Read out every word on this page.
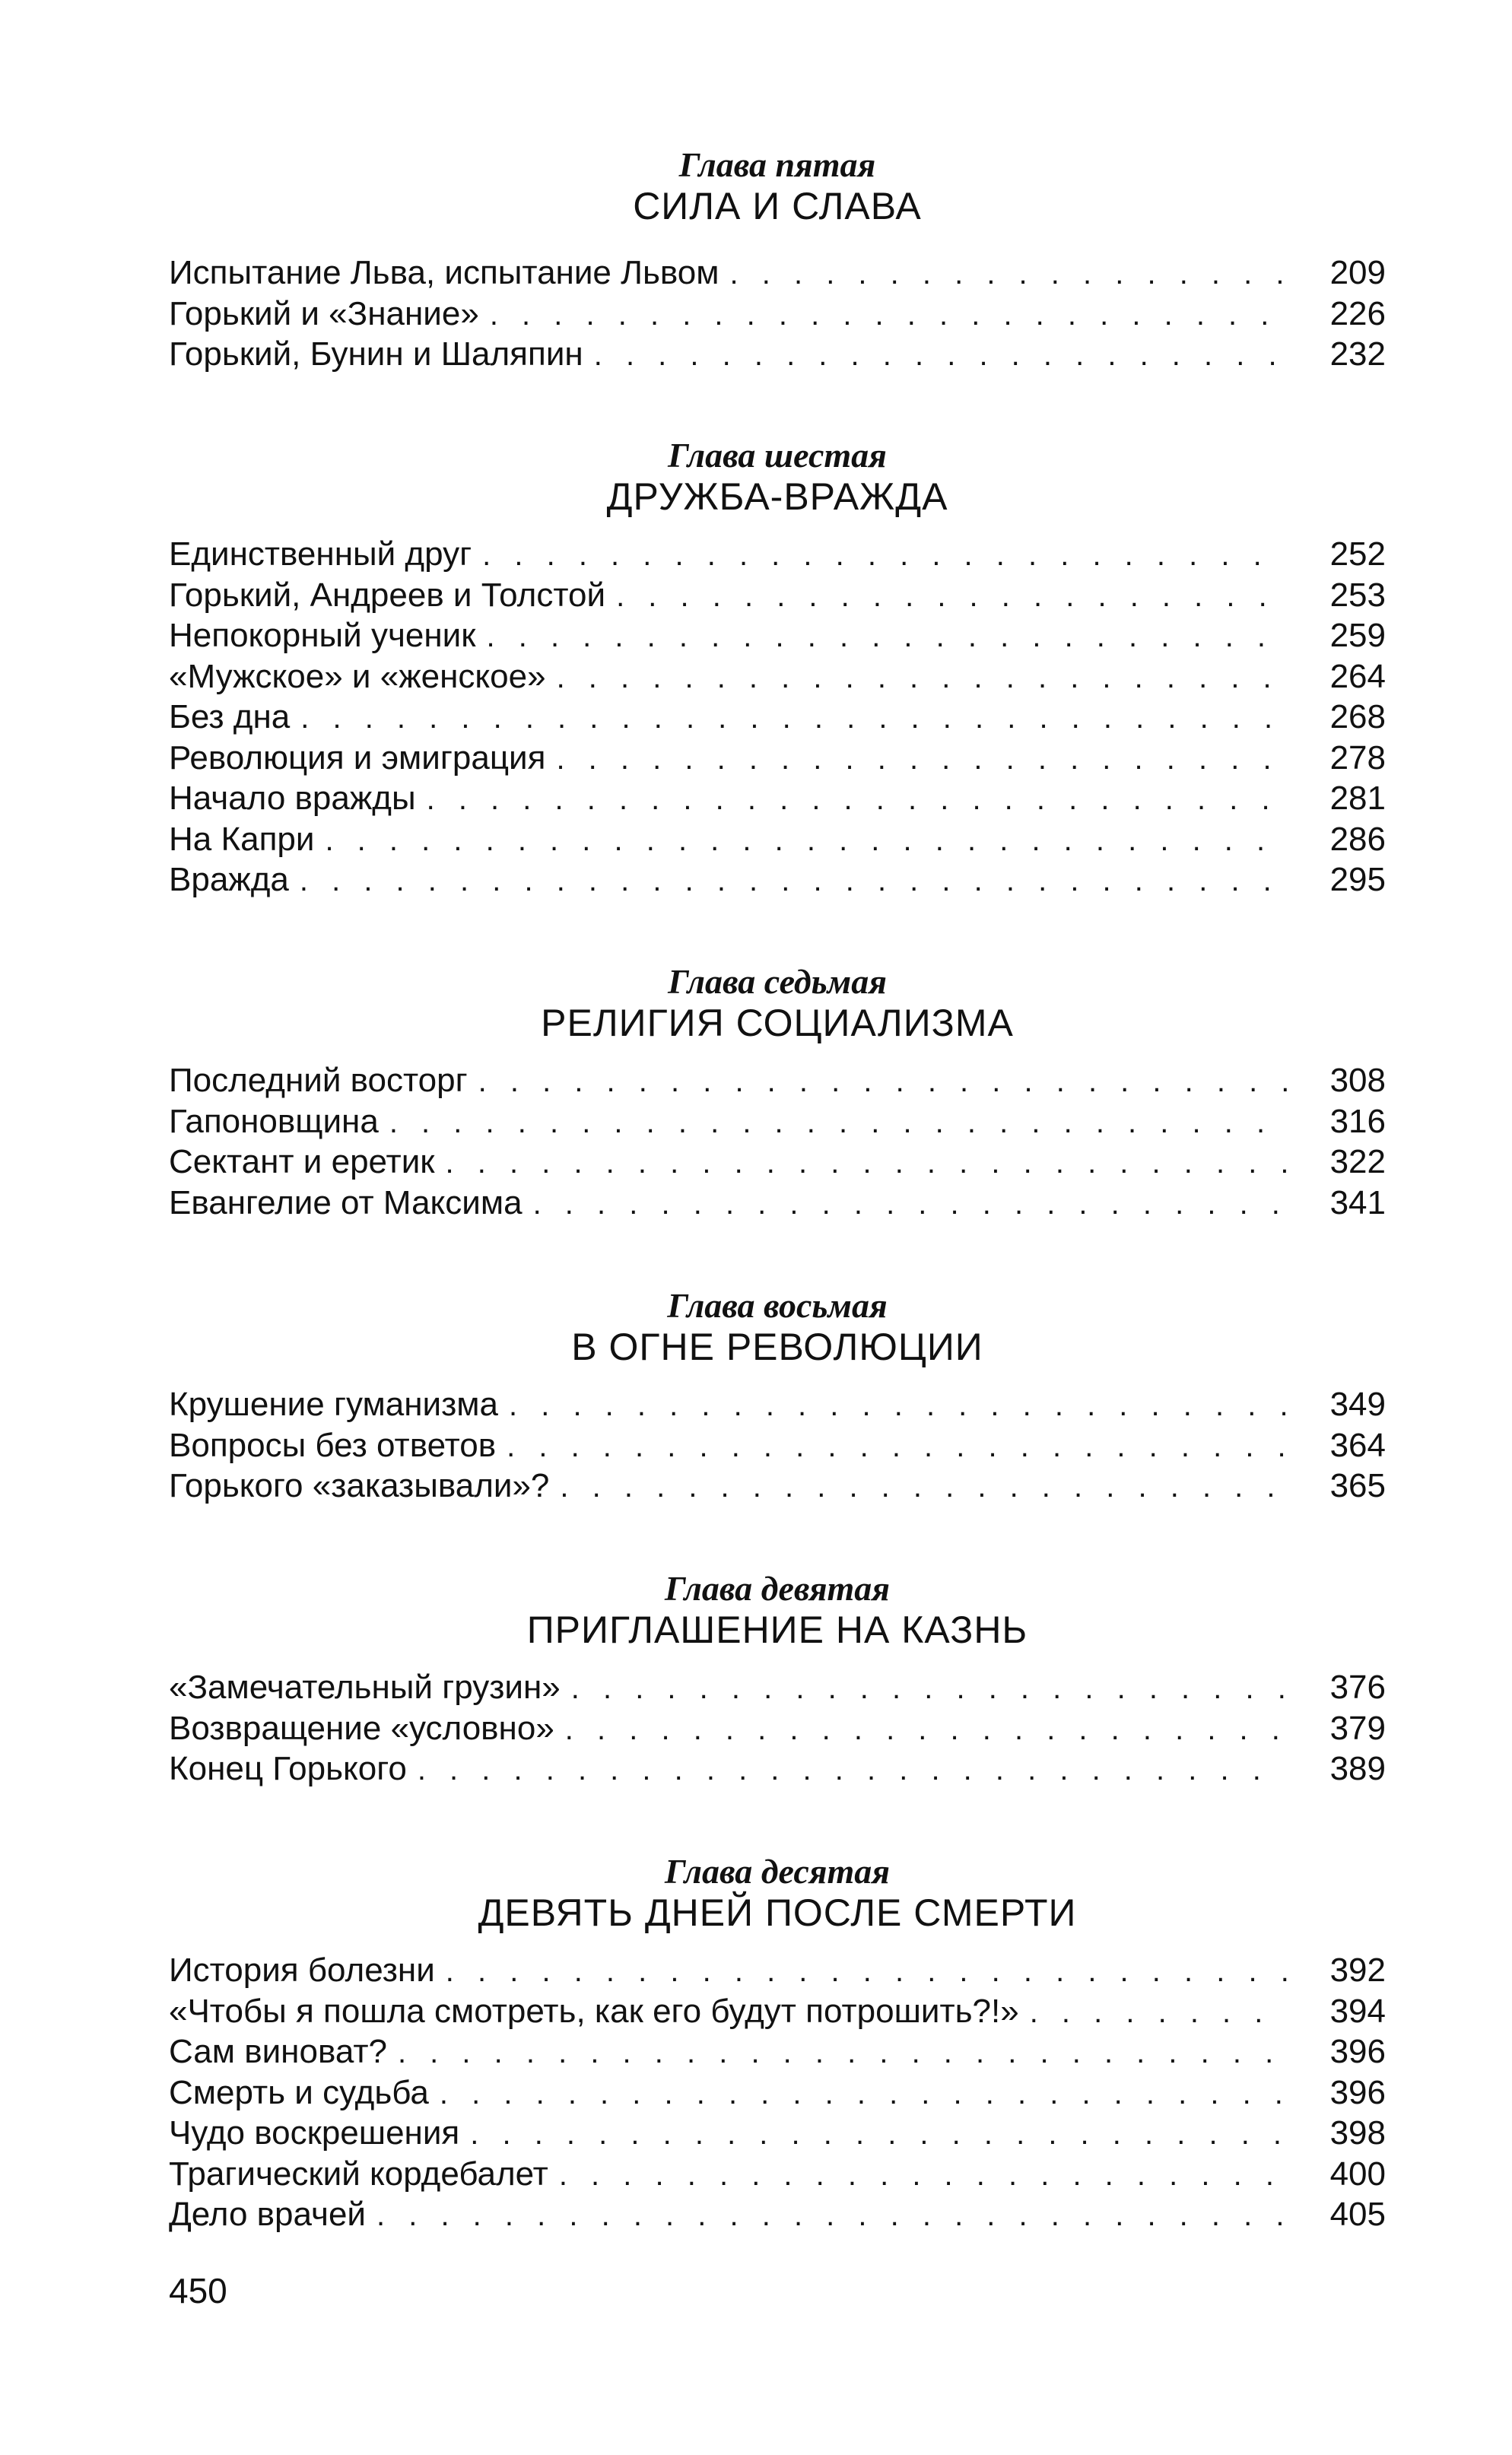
Глава пятая
СИЛА И СЛАВА
Испытание Льва, испытание Львом . . .	209
Горький и «Знание» . . .	226
Горький, Бунин и Шаляпин . . .	232
Глава шестая
ДРУЖБА-ВРАЖДА
Единственный друг . . .	252
Горький, Андреев и Толстой . . .	253
Непокорный ученик . . .	259
«Мужское» и «женское» . . .	264
Без дна . . .	268
Революция и эмиграция . . .	278
Начало вражды . . .	281
На Капри . . .	286
Вражда . . .	295
Глава седьмая
РЕЛИГИЯ СОЦИАЛИЗМА
Последний восторг . . .	308
Гапоновщина . . .	316
Сектант и еретик . . .	322
Евангелие от Максима . . .	341
Глава восьмая
В ОГНЕ РЕВОЛЮЦИИ
Крушение гуманизма . . .	349
Вопросы без ответов . . .	364
Горького «заказывали»? . . .	365
Глава девятая
ПРИГЛАШЕНИЕ НА КАЗНЬ
«Замечательный грузин» . . .	376
Возвращение «условно» . . .	379
Конец Горького . . .	389
Глава десятая
ДЕВЯТЬ ДНЕЙ ПОСЛЕ СМЕРТИ
История болезни . . .	392
«Чтобы я пошла смотреть, как его будут потрошить?!» . . .	394
Сам виноват? . . .	396
Смерть и судьба . . .	396
Чудо воскрешения . . .	398
Трагический кордебалет . . .	400
Дело врачей . . .	405
450
